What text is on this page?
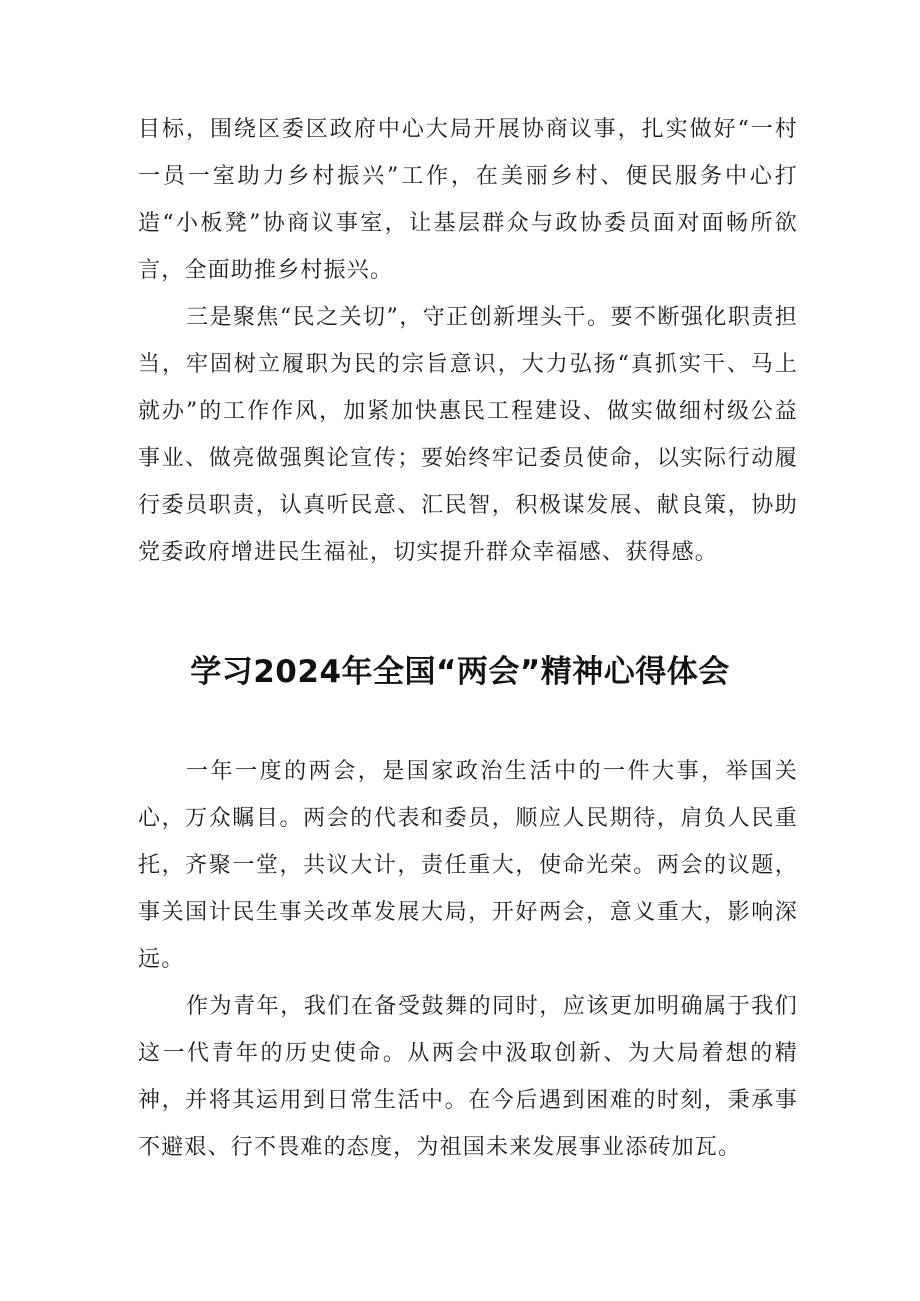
目标，围绕区委区政府中心大局开展协商议事，扎实做好“一村一员一室助力乡村振兴”工作，在美丽乡村、便民服务中心打造“小板凳”协商议事室，让基层群众与政协委员面对面畅所欲言，全面助推乡村振兴。

三是聚焦“民之关切”，守正创新埋头干。要不断强化职责担当，牢固树立履职为民的宗旨意识，大力弘扬“真抓实干、马上就办”的工作作风，加紧加快惠民工程建设、做实做细村级公益事业、做亮做强舆论宣传；要始终牢记委员使命，以实际行动履行委员职责，认真听民意、汇民智，积极谋发展、献良策，协助党委政府增进民生福祉，切实提升群众幸福感、获得感。

学习2024年全国“两会”精神心得体会

一年一度的两会，是国家政治生活中的一件大事，举国关心，万众瞩目。两会的代表和委员，顺应人民期待，肩负人民重托，齐聚一堂，共议大计，责任重大，使命光荣。两会的议题，事关国计民生事关改革发展大局，开好两会，意义重大，影响深远。

作为青年，我们在备受鼓舞的同时，应该更加明确属于我们这一代青年的历史使命。从两会中汲取创新、为大局着想的精神，并将其运用到日常生活中。在今后遇到困难的时刻，秉承事不避艰、行不畏难的态度，为祖国未来发展事业添砖加瓦。
